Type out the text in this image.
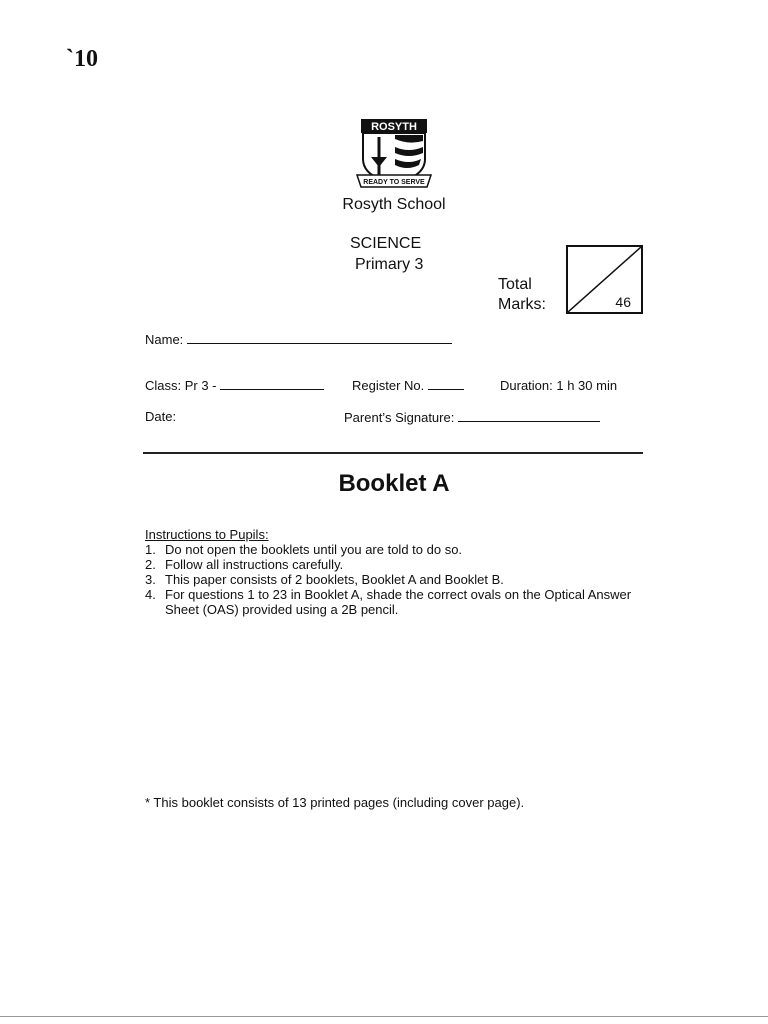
`10
ROSYTH
READY TO SERVE
Rosyth School
SCIENCE
Primary 3
Total
Marks:	46
Name:
Class: Pr 3 -	Register No.	Duration: 1 h 30 min
Date:	Parent’s Signature:
Booklet A
Instructions to Pupils:
1. Do not open the booklets until you are told to do so.
2. Follow all instructions carefully.
3. This paper consists of 2 booklets, Booklet A and Booklet B.
4. For questions 1 to 23 in Booklet A, shade the correct ovals on the Optical Answer Sheet (OAS) provided using a 2B pencil.
* This booklet consists of 13 printed pages (including cover page).
